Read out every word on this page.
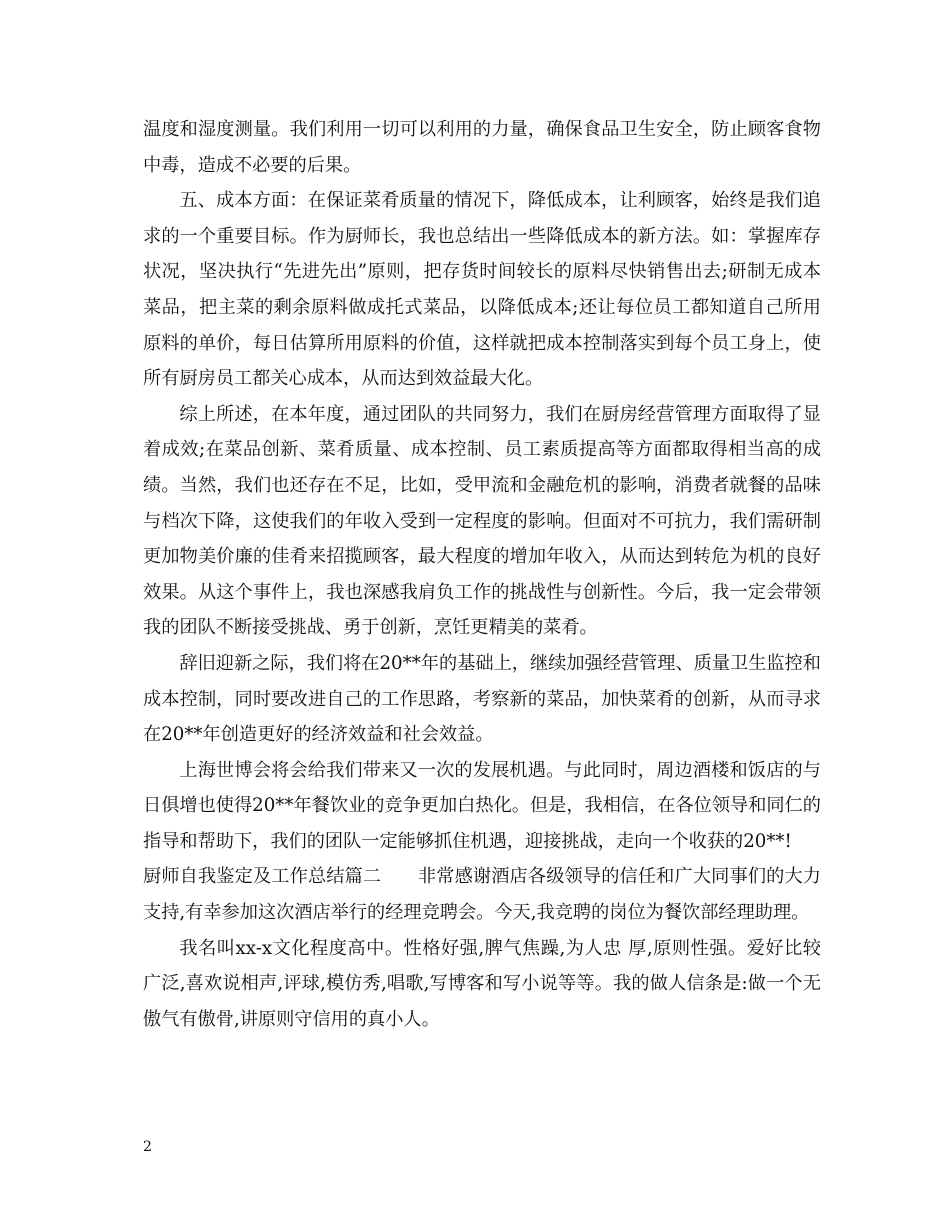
温度和湿度测量。我们利用一切可以利用的力量，确保食品卫生安全，防止顾客食物中毒，造成不必要的后果。

五、成本方面：在保证菜肴质量的情况下，降低成本，让利顾客，始终是我们追求的一个重要目标。作为厨师长，我也总结出一些降低成本的新方法。如：掌握库存状况，坚决执行“先进先出”原则，把存货时间较长的原料尽快销售出去;研制无成本菜品，把主菜的剩余原料做成托式菜品，以降低成本;还让每位员工都知道自己所用原料的单价，每日估算所用原料的价值，这样就把成本控制落实到每个员工身上，使所有厨房员工都关心成本，从而达到效益最大化。

综上所述，在本年度，通过团队的共同努力，我们在厨房经营管理方面取得了显着成效;在菜品创新、菜肴质量、成本控制、员工素质提高等方面都取得相当高的成绩。当然，我们也还存在不足，比如，受甲流和金融危机的影响，消费者就餐的品味与档次下降，这使我们的年收入受到一定程度的影响。但面对不可抗力，我们需研制更加物美价廉的佳肴来招揽顾客，最大程度的增加年收入，从而达到转危为机的良好效果。从这个事件上，我也深感我肩负工作的挑战性与创新性。今后，我一定会带领我的团队不断接受挑战、勇于创新，烹饪更精美的菜肴。

辞旧迎新之际，我们将在20**年的基础上，继续加强经营管理、质量卫生监控和成本控制，同时要改进自己的工作思路，考察新的菜品，加快菜肴的创新，从而寻求在20**年创造更好的经济效益和社会效益。

上海世博会将会给我们带来又一次的发展机遇。与此同时，周边酒楼和饭店的与日俱增也使得20**年餐饮业的竞争更加白热化。但是，我相信，在各位领导和同仁的指导和帮助下，我们的团队一定能够抓住机遇，迎接挑战，走向一个收获的20**!

厨师自我鉴定及工作总结篇二　　非常感谢酒店各级领导的信任和广大同事们的大力支持,有幸参加这次酒店举行的经理竞聘会。今天,我竞聘的岗位为餐饮部经理助理。

我名叫xx-x文化程度高中。性格好强,脾气焦躁,为人忠 厚,原则性强。爱好比较广泛,喜欢说相声,评球,模仿秀,唱歌,写博客和写小说等等。我的做人信条是:做一个无傲气有傲骨,讲原则守信用的真小人。

2
